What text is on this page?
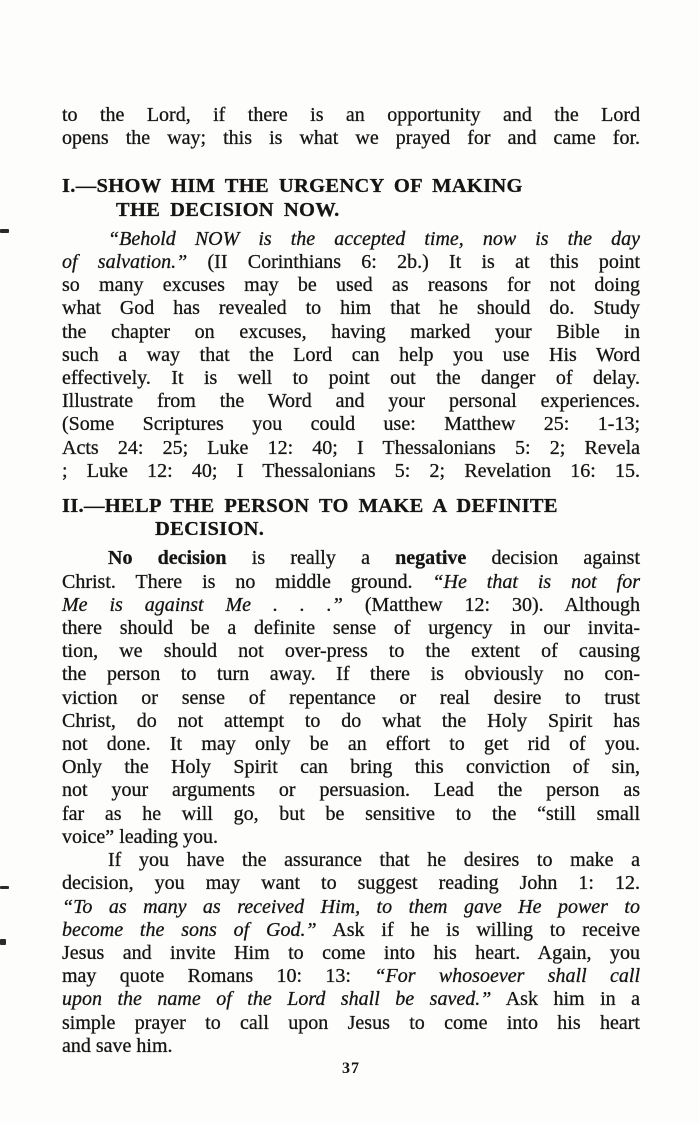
to the Lord, if there is an opportunity and the Lord
opens the way; this is what we prayed for and came for.
I.—SHOW HIM THE URGENCY OF MAKING
THE DECISION NOW.
“Behold NOW is the accepted time, now is the day
of salvation.” (II Corinthians 6: 2b.) It is at this point
so many excuses may be used as reasons for not doing
what God has revealed to him that he should do. Study
the chapter on excuses, having marked your Bible in
such a way that the Lord can help you use His Word
effectively. It is well to point out the danger of delay.
Illustrate from the Word and your personal experiences.
(Some Scriptures you could use: Matthew 25: 1-13;
Acts 24: 25; Luke 12: 40; I Thessalonians 5: 2; Revela
; Luke 12: 40; I Thessalonians 5: 2; Revelation 16: 15.
II.—HELP THE PERSON TO MAKE A DEFINITE
DECISION.
No decision is really a negative decision against
Christ. There is no middle ground. “He that is not for
Me is against Me . . .” (Matthew 12: 30). Although
there should be a definite sense of urgency in our invita-
tion, we should not over-press to the extent of causing
the person to turn away. If there is obviously no con-
viction or sense of repentance or real desire to trust
Christ, do not attempt to do what the Holy Spirit has
not done. It may only be an effort to get rid of you.
Only the Holy Spirit can bring this conviction of sin,
not your arguments or persuasion. Lead the person as
far as he will go, but be sensitive to the “still small
voice” leading you.
If you have the assurance that he desires to make a
decision, you may want to suggest reading John 1: 12.
“To as many as received Him, to them gave He power to
become the sons of God.” Ask if he is willing to receive
Jesus and invite Him to come into his heart. Again, you
may quote Romans 10: 13: “For whosoever shall call
upon the name of the Lord shall be saved.” Ask him in a
simple prayer to call upon Jesus to come into his heart
and save him.
37
